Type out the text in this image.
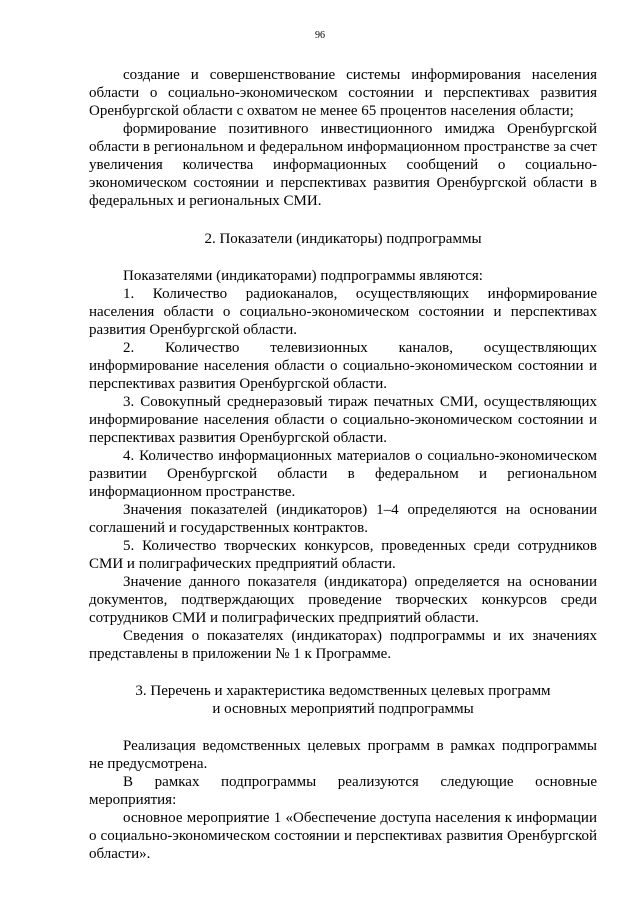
96

создание и совершенствование системы информирования населения области о социально-экономическом состоянии и перспективах развития Оренбургской области с охватом не менее 65 процентов населения области;

формирование позитивного инвестиционного имиджа Оренбургской области в региональном и федеральном информационном пространстве за счет увеличения количества информационных сообщений о социально-экономическом состоянии и перспективах развития Оренбургской области в федеральных и региональных СМИ.

2. Показатели (индикаторы) подпрограммы

Показателями (индикаторами) подпрограммы являются:

1. Количество радиоканалов, осуществляющих информирование населения области о социально-экономическом состоянии и перспективах развития Оренбургской области.

2. Количество телевизионных каналов, осуществляющих информирование населения области о социально-экономическом состоянии и перспективах развития Оренбургской области.

3. Совокупный среднеразовый тираж печатных СМИ, осуществляющих информирование населения области о социально-экономическом состоянии и перспективах развития Оренбургской области.

4. Количество информационных материалов о социально-экономическом развитии Оренбургской области в федеральном и региональном информационном пространстве.

Значения показателей (индикаторов) 1–4 определяются на основании соглашений и государственных контрактов.

5. Количество творческих конкурсов, проведенных среди сотрудников СМИ и полиграфических предприятий области.

Значение данного показателя (индикатора) определяется на основании документов, подтверждающих проведение творческих конкурсов среди сотрудников СМИ и полиграфических предприятий области.

Сведения о показателях (индикаторах) подпрограммы и их значениях представлены в приложении № 1 к Программе.

3. Перечень и характеристика ведомственных целевых программ
и основных мероприятий подпрограммы

Реализация ведомственных целевых программ в рамках подпрограммы не предусмотрена.

В рамках подпрограммы реализуются следующие основные мероприятия:

основное мероприятие 1 «Обеспечение доступа населения к информации о социально-экономическом состоянии и перспективах развития Оренбургской области».
